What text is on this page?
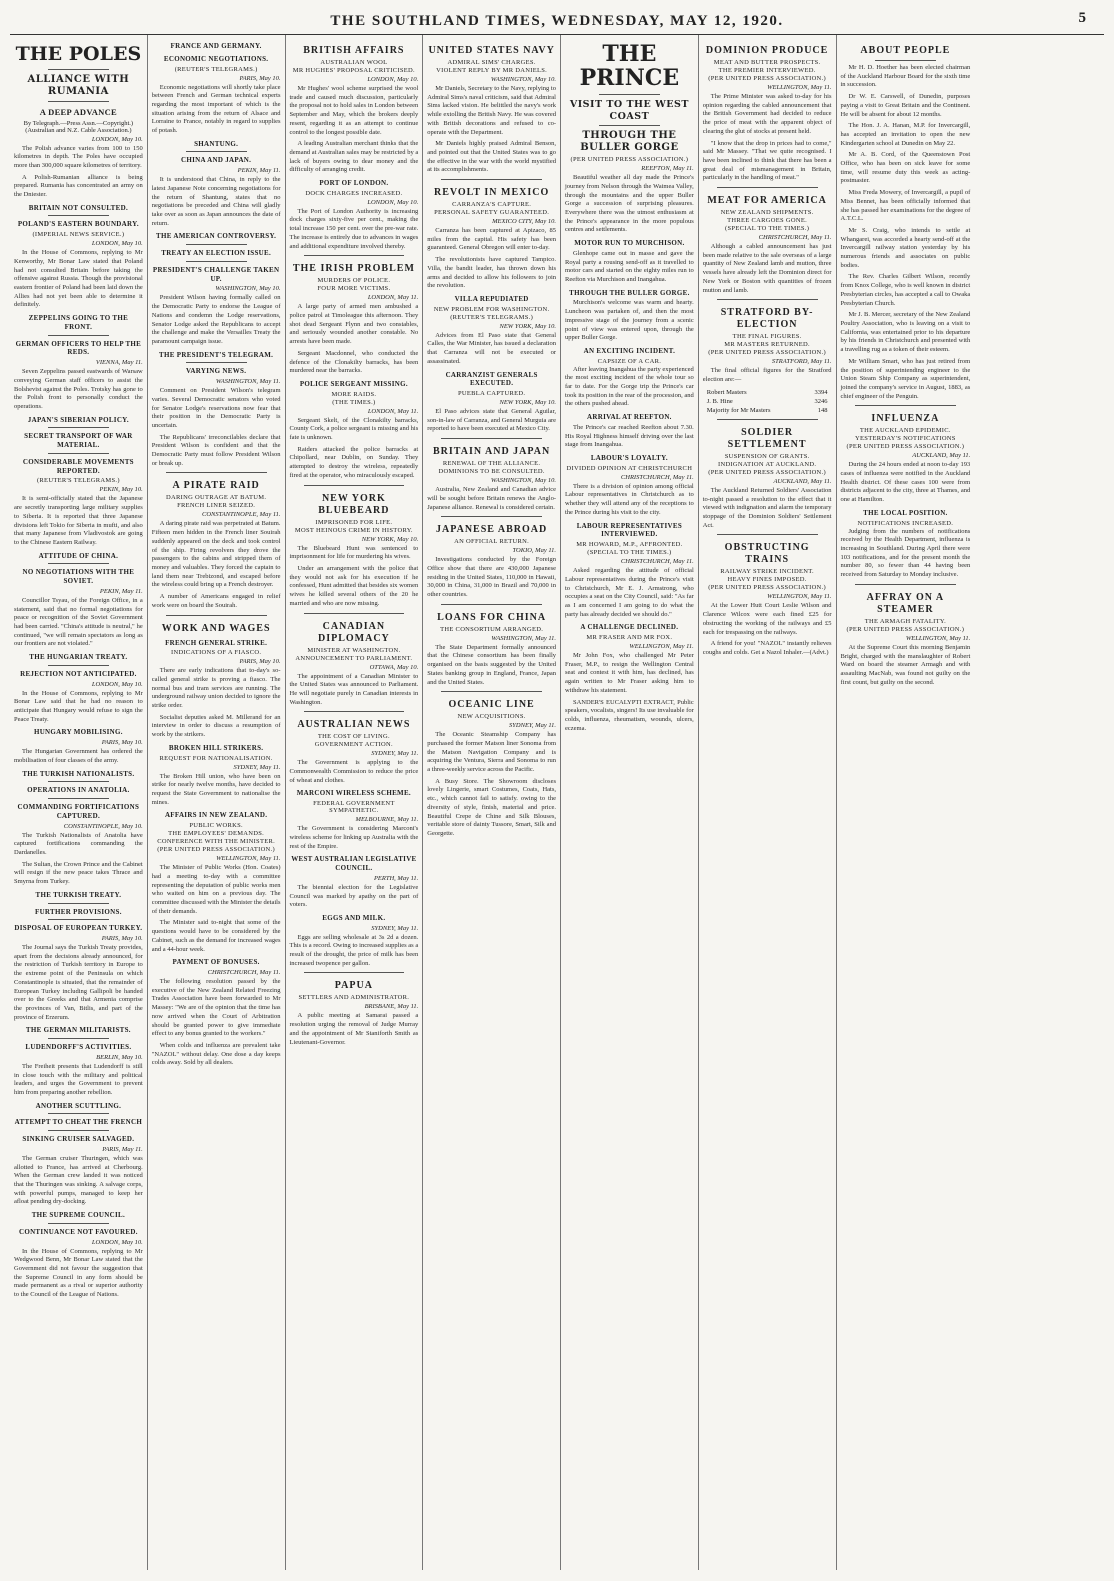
THE SOUTHLAND TIMES, WEDNESDAY, MAY 12, 1920.	5
THE POLES
ALLIANCE WITH RUMANIA
A DEEP ADVANCE
By Telegraph.—Press Assn.—Copyright.) (Australian and N.Z. Cable Association.)
LONDON, May 10.

The Polish advance varies from 100 to 150 kilometres in depth. The Poles have occupied more than 300,000 square kilometres of territory.

A Polish-Rumanian alliance is being prepared. Rumania has concentrated an army on the Dniester.

BRITAIN NOT CONSULTED.
POLAND'S EASTERN BOUNDARY.
(IMPERIAL NEWS SERVICE.)
LONDON, May 10.

In the House of Commons, replying to Mr Kenworthy, Mr Bonar Law stated that Poland had not consulted Britain before taking the offensive against Russia. Though the provisional eastern frontier of Poland had been laid down the Allies had not yet been able to determine it definitely.

ZEPPELINS GOING TO THE FRONT.
GERMAN OFFICERS TO HELP THE REDS.
VIENNA, May 11.

Seven Zeppelins passed eastwards of Warsaw conveying German staff officers to assist the Bolshevist against the Poles. Trotsky has gone to the Polish front to personally conduct the operations.

JAPAN'S SIBERIAN POLICY.
SECRET TRANSPORT OF WAR MATERIAL.
CONSIDERABLE MOVEMENTS REPORTED.
(REUTER'S TELEGRAMS.)
PEKIN, May 10.

It is semi-officially stated that the Japanese are secretly transporting large military supplies to Siberia. It is reported that three Japanese divisions left Tokio for Siberia in mufti, and also that many Japanese from Vladivostok are going to the Chinese Eastern Railway.

ATTITUDE OF CHINA.
NO NEGOTIATIONS WITH THE SOVIET.
PEKIN, May 11.

Councillor Tsyau, of the Foreign Office, in a statement, said that no formal negotiations for peace or recognition of the Soviet Government had been carried. "China's attitude is neutral," he continued, "we will remain spectators as long as our frontiers are not violated."

THE HUNGARIAN TREATY.
REJECTION NOT ANTICIPATED.
LONDON, May 10.

In the House of Commons, replying to Mr Bonar Law said that he had no reason to anticipate that Hungary would refuse to sign the Peace Treaty.

HUNGARY MOBILISING.
PARIS, May 10.

The Hungarian Government has ordered the mobilisation of four classes of the army.

THE TURKISH NATIONALISTS.
OPERATIONS IN ANATOLIA.
COMMANDING FORTIFICATIONS CAPTURED.
CONSTANTINOPLE, May 10.

The Turkish Nationalists of Anatolia have captured fortifications commanding the Dardanelles.

The Sultan, the Crown Prince and the Cabinet will resign if the new peace takes Thrace and Smyrna from Turkey.

THE TURKISH TREATY.
FURTHER PROVISIONS.
DISPOSAL OF EUROPEAN TURKEY.
PARIS, May 10.

The Journal says the Turkish Treaty provides, apart from the decisions already announced, for the restriction of Turkish territory in Europe to the extreme point of the Peninsula on which Constantinople is situated, that the remainder of European Turkey including Gallipoli be handed over to the Greeks and that Armenia comprise the provinces of Van, Bitlis, and part of the province of Erzerum.

THE GERMAN MILITARISTS.
LUDENDORFF'S ACTIVITIES.
BERLIN, May 10.

The Freiheit presents that Ludendorff is still in close touch with the military and political leaders, and urges the Government to prevent him from preparing another rebellion.

ANOTHER SCUTTLING.
ATTEMPT TO CHEAT THE FRENCH
SINKING CRUISER SALVAGED.
PARIS, May 11.

The German cruiser Thuringen, which was allotted to France, has arrived at Cherbourg. When the German crew landed it was noticed that the Thuringen was sinking. A salvage corps, with powerful pumps, managed to keep her afloat pending dry-docking.

THE SUPREME COUNCIL.
CONTINUANCE NOT FAVOURED.
LONDON, May 10.

In the House of Commons, replying to Mr Wedgwood Benn, Mr Bonar Law stated that the Government did not favour the suggestion that the Supreme Council in any form should be made permanent as a rival or superior authority to the Council of the League of Nations.

FRANCE AND GERMANY.
ECONOMIC NEGOTIATIONS.
(REUTER'S TELEGRAMS.)
PARIS, May 10.

Economic negotiations will shortly take place between French and German technical experts regarding the most important of which is the situation arising from the return of Alsace and Lorraine to France, notably in regard to supplies of potash.

SHANTUNG.
CHINA AND JAPAN.
PEKIN, May 11.

It is understood that China, in reply to the latest Japanese Note concerning negotiations for the return of Shantung, states that no negotiations be preceded and China will gladly take over as soon as Japan announces the date of return.

THE AMERICAN CONTROVERSY.
TREATY AN ELECTION ISSUE.
PRESIDENT'S CHALLENGE TAKEN UP.
WASHINGTON, May 10.

President Wilson having formally called on the Democratic Party to endorse the League of Nations and condemn the Lodge reservations, Senator Lodge asked the Republicans to accept the challenge and make the Versailles Treaty the paramount campaign issue.

THE PRESIDENT'S TELEGRAM.
VARYING NEWS.
WASHINGTON, May 11.

Comment on President Wilson's telegram varies. Several Democratic senators who voted for Senator Lodge's reservations now fear that their position in the Democratic Party is uncertain.

The Republicans' irreconcilables declare that President Wilson is confident and that the Democratic Party must follow President Wilson or break up.

A PIRATE RAID
DARING OUTRAGE AT BATUM.
FRENCH LINER SEIZED.
CONSTANTINOPLE, May 11.

A daring pirate raid was perpetrated at Batum. Fifteen men hidden in the French liner Souirah suddenly appeared on the deck and took control of the ship. Firing revolvers they drove the passengers to the cabins and stripped them of money and valuables. They forced the captain to land them near Trebizond, and escaped before the wireless could bring up a French destroyer.

A number of Americans engaged in relief work were on board the Souirah.

WORK AND WAGES
FRENCH GENERAL STRIKE.
INDICATIONS OF A FIASCO.
PARIS, May 10.

There are early indications that to-day's so-called general strike is proving a fiasco. The normal bus and tram services are running. The underground railway union decided to ignore the strike order.

Socialist deputies asked M. Millerand for an interview in order to discuss a resumption of work by the strikers.

BROKEN HILL STRIKERS.
REQUEST FOR NATIONALISATION.
SYDNEY, May 11.

The Broken Hill union, who have been on strike for nearly twelve months, have decided to request the State Government to nationalise the mines.

AFFAIRS IN NEW ZEALAND.
PUBLIC WORKS.
THE EMPLOYEES' DEMANDS.
CONFERENCE WITH THE MINISTER.
(PER UNITED PRESS ASSOCIATION.)
WELLINGTON, May 11.

The Minister of Public Works (Hon. Coates) had a meeting to-day with a committee representing the deputation of public works men who waited on him on a previous day. The committee discussed with the Minister the details of their demands.

The Minister said to-night that some of the questions would have to be considered by the Cabinet, such as the demand for increased wages and a 44-hour week.

PAYMENT OF BONUSES.
CHRISTCHURCH, May 11.

The following resolution passed by the executive of the New Zealand Related Freezing Trades Association have been forwarded to Mr Massey: "We are of the opinion that the time has now arrived when the Court of Arbitration should be granted power to give immediate effect to any bonus granted to the workers."

When colds and influenza are prevalent take "NAZOL" without delay. One dose a day keeps colds away. Sold by all dealers.

BRITISH AFFAIRS
AUSTRALIAN WOOL
MR HUGHES' PROPOSAL CRITICISED.
LONDON, May 10.

Mr Hughes' wool scheme surprised the wool trade and caused much discussion, particularly the proposal not to hold sales in London between September and May, which the brokers deeply resent, regarding it as an attempt to continue control to the longest possible date.

A leading Australian merchant thinks that the demand at Australian sales may be restricted by a lack of buyers owing to dear money and the difficulty of arranging credit.

PORT OF LONDON.
DOCK CHARGES INCREASED.
LONDON, May 10.

The Port of London Authority is increasing dock charges sixty-five per cent., making the total increase 150 per cent. over the pre-war rate. The increase is entirely due to advances in wages and additional expenditure involved thereby.

THE IRISH PROBLEM
MURDERS OF POLICE.
FOUR MORE VICTIMS.
LONDON, May 11.

A large party of armed men ambushed a police patrol at Timoleague this afternoon. They shot dead Sergeant Flynn and two constables, and seriously wounded another constable. No arrests have been made.

Sergeant Macdonnel, who conducted the defence of the Clonakilty barracks, has been murdered near the barracks.

POLICE SERGEANT MISSING.
MORE RAIDS.
(THE TIMES.)
LONDON, May 11.

Sergeant Skelt, of the Clonakilty barracks, County Cork, a police sergeant is missing and his fate is unknown.

Raiders attacked the police barracks at Chipollard, near Dublin, on Sunday. They attempted to destroy the wireless, repeatedly fired at the operator, who miraculously escaped.

NEW YORK BLUEBEARD
IMPRISONED FOR LIFE.
MOST HEINOUS CRIME IN HISTORY.
NEW YORK, May 10.

The Bluebeard Hunt was sentenced to imprisonment for life for murdering his wives.

Under an arrangement with the police that they would not ask for his execution if he confessed, Hunt admitted that besides six women wives he killed several others of the 20 he married and who are now missing.

CANADIAN DIPLOMACY
MINISTER AT WASHINGTON.
ANNOUNCEMENT TO PARLIAMENT.
OTTAWA, May 10.

The appointment of a Canadian Minister to the United States was announced to Parliament. He will negotiate purely in Canadian interests in Washington.

AUSTRALIAN NEWS
THE COST OF LIVING.
GOVERNMENT ACTION.
SYDNEY, May 11.

The Government is applying to the Commonwealth Commission to reduce the price of wheat and clothes.

MARCONI WIRELESS SCHEME.
FEDERAL GOVERNMENT SYMPATHETIC.
MELBOURNE, May 11.

The Government is considering Marconi's wireless scheme for linking up Australia with the rest of the Empire.

WEST AUSTRALIAN LEGISLATIVE COUNCIL.
PERTH, May 11.

The biennial election for the Legislative Council was marked by apathy on the part of voters.

EGGS AND MILK.
SYDNEY, May 11.

Eggs are selling wholesale at 3s 2d a dozen. This is a record. Owing to increased supplies as a result of the drought, the price of milk has been increased twopence per gallon.

PAPUA
SETTLERS AND ADMINISTRATOR.
BRISBANE, May 11.

A public meeting at Samarai passed a resolution urging the removal of Judge Murray and the appointment of Mr Staniforth Smith as Lieutenant-Governor.

UNITED STATES NAVY
ADMIRAL SIMS' CHARGES.
VIOLENT REPLY BY MR DANIELS.
WASHINGTON, May 10.

Mr Daniels, Secretary to the Navy, replying to Admiral Sims's naval criticism, said that Admiral Sims lacked vision. He belittled the navy's work while extolling the British Navy. He was covered with British decorations and refused to co-operate with the Department.

Mr Daniels highly praised Admiral Benson, and pointed out that the United States was to go the effective in the war with the world mystified at its accomplishments.

REVOLT IN MEXICO
CARRANZA'S CAPTURE.
PERSONAL SAFETY GUARANTEED.
MEXICO CITY, May 10.

Carranza has been captured at Apizaco, 85 miles from the capital. His safety has been guaranteed. General Obregon will enter to-day.

The revolutionists have captured Tampico. Villa, the bandit leader, has thrown down his arms and decided to allow his followers to join the revolution.

VILLA REPUDIATED
NEW PROBLEM FOR WASHINGTON.
(REUTER'S TELEGRAMS.)
NEW YORK, May 10.

Advices from El Paso state that General Calles, the War Minister, has issued a declaration that Carranza will not be executed or assassinated.

CARRANZIST GENERALS EXECUTED.
PUEBLA CAPTURED.
NEW YORK, May 10.

El Paso advices state that General Aguilar, son-in-law of Carranza, and General Murguia are reported to have been executed at Mexico City.

BRITAIN AND JAPAN
RENEWAL OF THE ALLIANCE.
DOMINIONS TO BE CONSULTED.
WASHINGTON, May 10.

Australia, New Zealand and Canadian advice will be sought before Britain renews the Anglo-Japanese alliance. Renewal is considered certain.

JAPANESE ABROAD
AN OFFICIAL RETURN.
TOKIO, May 11.

Investigations conducted by the Foreign Office show that there are 430,000 Japanese residing in the United States, 110,000 in Hawaii, 30,000 in China, 31,000 in Brazil and 70,000 in other countries.

LOANS FOR CHINA
THE CONSORTIUM ARRANGED.
WASHINGTON, May 11.

The State Department formally announced that the Chinese consortium has been finally organised on the basis suggested by the United States banking group in England, France, Japan and the United States.

OCEANIC LINE
NEW ACQUISITIONS.
SYDNEY, May 11.

The Oceanic Steamship Company has purchased the former Matson liner Sonoma from the Matson Navigation Company and is acquiring the Ventura, Sierra and Sonoma to run a three-weekly service across the Pacific.

A Busy Store. The Showroom discloses lovely Lingerie, smart Costumes, Coats, Hats, etc., which cannot fail to satisfy. owing to the diversity of style, finish, material and price. Beautiful Crepe de Chine and Silk Blouses, veritable store of dainty Tussore, Smart, Silk and Georgette.

THE PRINCE
VISIT TO THE WEST COAST
THROUGH THE BULLER GORGE
(PER UNITED PRESS ASSOCIATION.)
REEFTON, May 11.

Beautiful weather all day made the Prince's journey from Nelson through the Waimea Valley, through the mountains and the upper Buller Gorge a succession of surprising pleasures. Everywhere there was the utmost enthusiasm at the Prince's appearance in the more populous centres and settlements.

MOTOR RUN TO MURCHISON.

Glenhope came out in masse and gave the Royal party a rousing send-off as it travelled to motor cars and started on the eighty miles run to Reefton via Murchison and Inangahua.

THROUGH THE BULLER GORGE.

Murchison's welcome was warm and hearty. Luncheon was partaken of, and then the most impressive stage of the journey from a scenic point of view was entered upon, through the upper Buller Gorge.

AN EXCITING INCIDENT.
CAPSIZE OF A CAR.

After leaving Inangahua the party experienced the most exciting incident of the whole tour so far to date. For the Gorge trip the Prince's car took its position in the rear of the procession, and the others pushed ahead.

ARRIVAL AT REEFTON.

The Prince's car reached Reefton about 7.30. His Royal Highness himself driving over the last stage from Inangahua.

LABOUR'S LOYALTY.
DIVIDED OPINION AT CHRISTCHURCH
CHRISTCHURCH, May 11.

There is a division of opinion among official Labour representatives in Christchurch as to whether they will attend any of the receptions to the Prince during his visit to the city.

LABOUR REPRESENTATIVES INTERVIEWED.
MR HOWARD, M.P., AFFRONTED.
(SPECIAL TO THE TIMES.)
CHRISTCHURCH, May 11.

Asked regarding the attitude of official Labour representatives during the Prince's visit to Christchurch, Mr E. J. Armstrong, who occupies a seat on the City Council, said: "As far as I am concerned I am going to do what the party has already decided we should do."

A CHALLENGE DECLINED.
MR FRASER AND MR FOX.
WELLINGTON, May 11.

Mr John Fox, who challenged Mr Peter Fraser, M.P., to resign the Wellington Central seat and contest it with him, has declined, has again written to Mr Fraser asking him to withdraw his statement.

SANDER'S EUCALYPTI EXTRACT, Public speakers, vocalists, singers! Its use invaluable for colds, influenza, rheumatism, wounds, ulcers, eczema.

DOMINION PRODUCE
MEAT AND BUTTER PROSPECTS.
THE PREMIER INTERVIEWED.
(PER UNITED PRESS ASSOCIATION.)
WELLINGTON, May 11.

The Prime Minister was asked to-day for his opinion regarding the cabled announcement that the British Government had decided to reduce the price of meat with the apparent object of clearing the glut of stocks at present held.

"I know that the drop in prices had to come," said Mr Massey. "That we quite recognised. I have been inclined to think that there has been a great deal of mismanagement in Britain, particularly in the handling of meat."

MEAT FOR AMERICA
NEW ZEALAND SHIPMENTS.
THREE CARGOES GONE.
(SPECIAL TO THE TIMES.)
CHRISTCHURCH, May 11.

Although a cabled announcement has just been made relative to the sale overseas of a large quantity of New Zealand lamb and mutton, three vessels have already left the Dominion direct for New York or Boston with quantities of frozen mutton and lamb.

STRATFORD BY-ELECTION
THE FINAL FIGURES.
MR MASTERS RETURNED.
(PER UNITED PRESS ASSOCIATION.)
STRATFORD, May 11.

The final official figures for the Stratford election are:—

Robert Masters	3394
J. B. Hine	3246
Majority for Mr Masters	148
SOLDIER SETTLEMENT
SUSPENSION OF GRANTS.
INDIGNATION AT AUCKLAND.
(PER UNITED PRESS ASSOCIATION.)
AUCKLAND, May 11.

The Auckland Returned Soldiers' Association to-night passed a resolution to the effect that it viewed with indignation and alarm the temporary stoppage of the Dominion Soldiers' Settlement Act.

OBSTRUCTING TRAINS
RAILWAY STRIKE INCIDENT.
HEAVY FINES IMPOSED.
(PER UNITED PRESS ASSOCIATION.)
WELLINGTON, May 11.

At the Lower Hutt Court Leslie Wilson and Clarence Wilcox were each fined £25 for obstructing the working of the railways and £5 each for trespassing on the railways.

A friend for you! "NAZOL" instantly relieves coughs and colds. Get a Nazol Inhaler.—(Advt.)

ABOUT PEOPLE

Mr H. D. Hoether has been elected chairman of the Auckland Harbour Board for the sixth time in succession.

Dr W. E. Carswell, of Dunedin, purposes paying a visit to Great Britain and the Continent. He will be absent for about 12 months.

The Hon. J. A. Hanan, M.P. for Invercargill, has accepted an invitation to open the new Kindergarten school at Dunedin on May 22.

Mr A. B. Cord, of the Queenstown Post Office, who has been on sick leave for some time, will resume duty this week as acting-postmaster.

Miss Freda Mowery, of Invercargill, a pupil of Miss Bennet, has been officially informed that she has passed her examinations for the degree of A.T.C.L.

Mr S. Craig, who intends to settle at Whangarei, was accorded a hearty send-off at the Invercargill railway station yesterday by his numerous friends and associates on public bodies.

The Rev. Charles Gilbert Wilson, recently from Knox College, who is well known in district Presbyterian circles, has accepted a call to Owaka Presbyterian Church.

Mr J. B. Mercer, secretary of the New Zealand Poultry Association, who is leaving on a visit to California, was entertained prior to his departure by his friends in Christchurch and presented with a travelling rug as a token of their esteem.

Mr William Smart, who has just retired from the position of superintending engineer to the Union Steam Ship Company as superintendent, joined the company's service in August, 1883, as chief engineer of the Penguin.

INFLUENZA
THE AUCKLAND EPIDEMIC.
YESTERDAY'S NOTIFICATIONS
(PER UNITED PRESS ASSOCIATION.)
AUCKLAND, May 11.

During the 24 hours ended at noon to-day 193 cases of influenza were notified in the Auckland Health district. Of these cases 100 were from districts adjacent to the city, three at Thames, and one at Hamilton.

THE LOCAL POSITION.
NOTIFICATIONS INCREASED.

Judging from the numbers of notifications received by the Health Department, influenza is increasing in Southland. During April there were 103 notifications, and for the present month the number 80, so fewer than 44 having been received from Saturday to Monday inclusive.

AFFRAY ON A STEAMER
THE ARMAGH FATALITY.
(PER UNITED PRESS ASSOCIATION.)
WELLINGTON, May 11.

At the Supreme Court this morning Benjamin Bright, charged with the manslaughter of Robert Ward on board the steamer Armagh and with assaulting MacNab, was found not guilty on the first count, but guilty on the second.
